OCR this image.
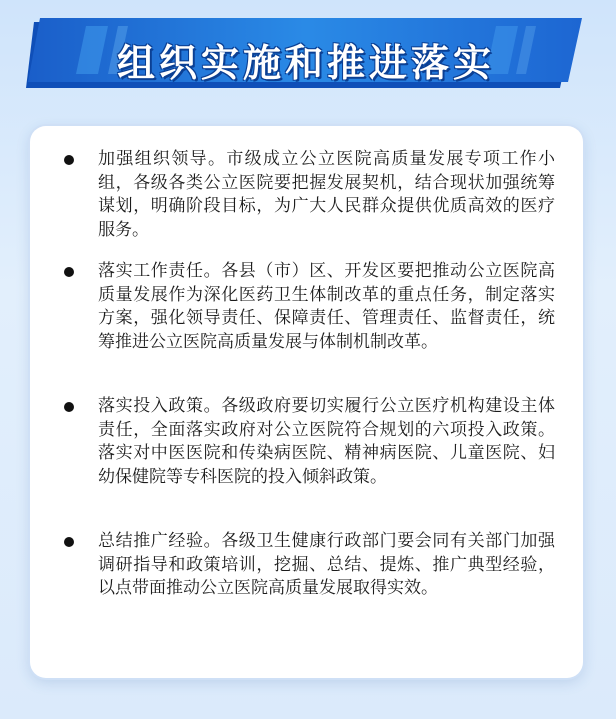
组织实施和推进落实
加强组织领导。市级成立公立医院高质量发展专项工作小组，各级各类公立医院要把握发展契机，结合现状加强统筹谋划，明确阶段目标，为广大人民群众提供优质高效的医疗服务。
落实工作责任。各县（市）区、开发区要把推动公立医院高质量发展作为深化医药卫生体制改革的重点任务，制定落实方案，强化领导责任、保障责任、管理责任、监督责任，统筹推进公立医院高质量发展与体制机制改革。
落实投入政策。各级政府要切实履行公立医疗机构建设主体责任，全面落实政府对公立医院符合规划的六项投入政策。落实对中医医院和传染病医院、精神病医院、儿童医院、妇幼保健院等专科医院的投入倾斜政策。
总结推广经验。各级卫生健康行政部门要会同有关部门加强调研指导和政策培训，挖掘、总结、提炼、推广典型经验，以点带面推动公立医院高质量发展取得实效。
